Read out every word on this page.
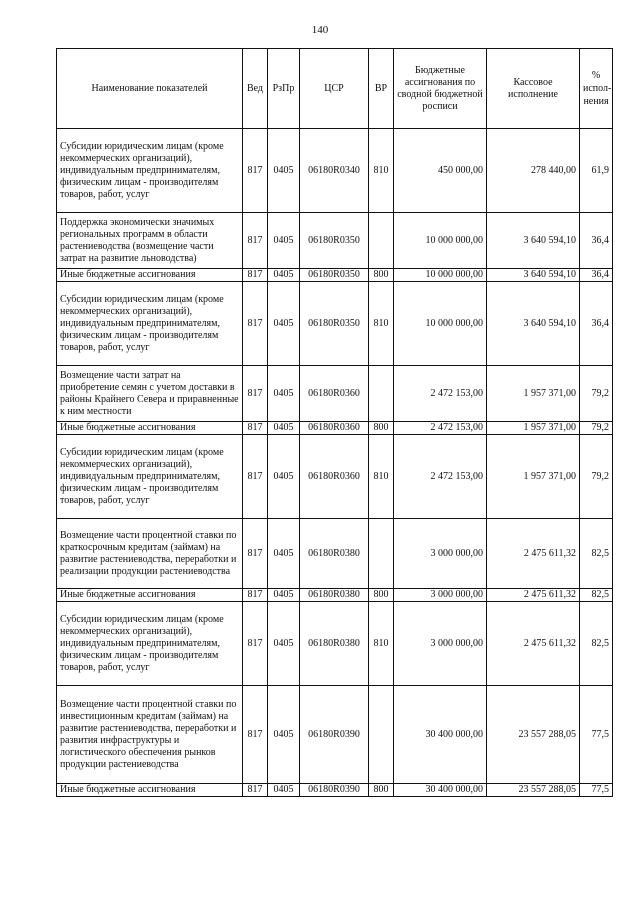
140
Наименование показателей	Вед	РзПр	ЦСР	ВР	Бюджетные ассигнования по сводной бюджетной росписи	Кассовое исполнение	% испол- нения
Субсидии юридическим лицам (кроме некоммерческих организаций), индивидуальным предпринимателям, физическим лицам - производителям товаров, работ, услуг	817	0405	06180R0340	810	450 000,00	278 440,00	61,9
Поддержка экономически значимых региональных программ в области растениеводства (возмещение части затрат на развитие льноводства)	817	0405	06180R0350		10 000 000,00	3 640 594,10	36,4
Иные бюджетные ассигнования	817	0405	06180R0350	800	10 000 000,00	3 640 594,10	36,4
Субсидии юридическим лицам (кроме некоммерческих организаций), индивидуальным предпринимателям, физическим лицам - производителям товаров, работ, услуг	817	0405	06180R0350	810	10 000 000,00	3 640 594,10	36,4
Возмещение части затрат на приобретение семян с учетом доставки в районы Крайнего Севера и приравненные к ним местности	817	0405	06180R0360		2 472 153,00	1 957 371,00	79,2
Иные бюджетные ассигнования	817	0405	06180R0360	800	2 472 153,00	1 957 371,00	79,2
Субсидии юридическим лицам (кроме некоммерческих организаций), индивидуальным предпринимателям, физическим лицам - производителям товаров, работ, услуг	817	0405	06180R0360	810	2 472 153,00	1 957 371,00	79,2
Возмещение части процентной ставки по краткосрочным кредитам (займам) на развитие растениеводства, переработки и реализации продукции растениеводства	817	0405	06180R0380		3 000 000,00	2 475 611,32	82,5
Иные бюджетные ассигнования	817	0405	06180R0380	800	3 000 000,00	2 475 611,32	82,5
Субсидии юридическим лицам (кроме некоммерческих организаций), индивидуальным предпринимателям, физическим лицам - производителям товаров, работ, услуг	817	0405	06180R0380	810	3 000 000,00	2 475 611,32	82,5
Возмещение части процентной ставки по инвестиционным кредитам (займам) на развитие растениеводства, переработки и развития инфраструктуры и логистического обеспечения рынков продукции растениеводства	817	0405	06180R0390		30 400 000,00	23 557 288,05	77,5
Иные бюджетные ассигнования	817	0405	06180R0390	800	30 400 000,00	23 557 288,05	77,5
